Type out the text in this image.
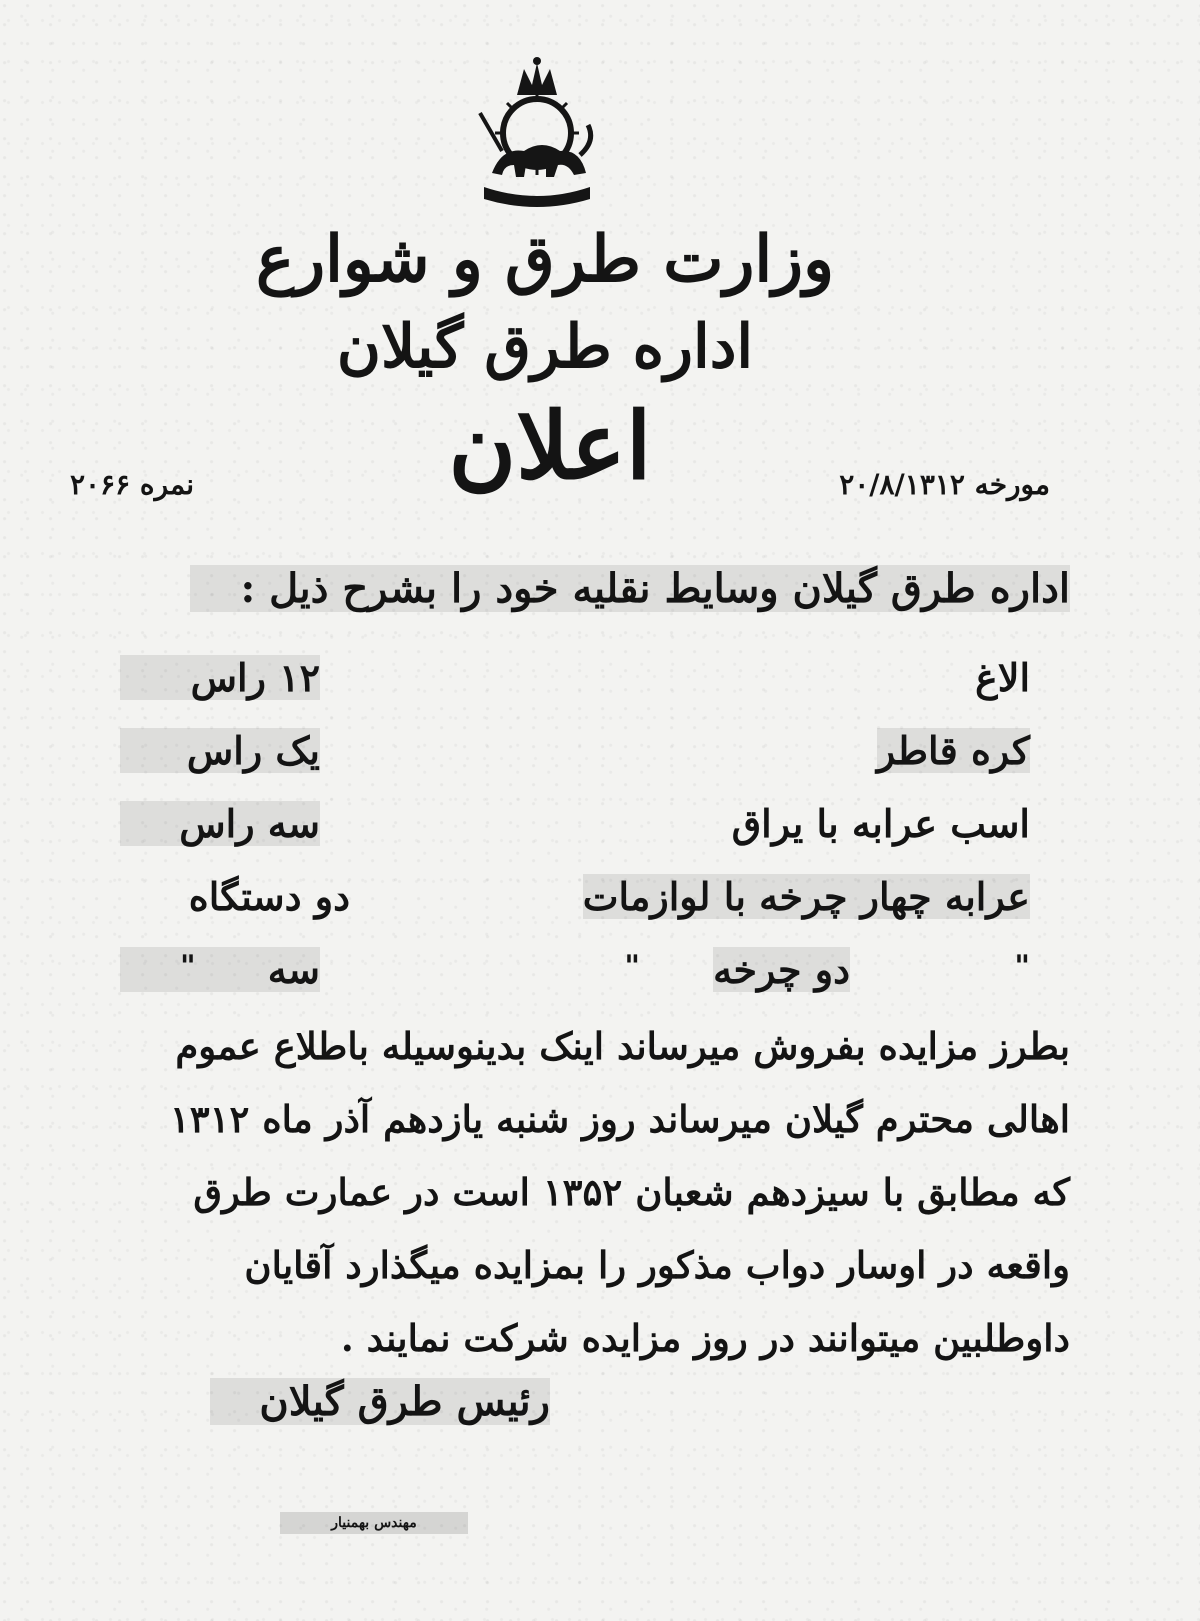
وزارت طرق و شوارع
اداره طرق گیلان
اعلان	مورخه ۲۰/۸/۱۳۱۲
نمره ۲۰۶۶
اداره طرق گیلان وسایط نقلیه خود را بشرح ذیل :
الاغ
۱۲ راس
کره قاطر
یک راس
اسب عرابه با یراق
سه راس
عرابه چهار چرخه با لوازمات
دو دستگاه
دو چرخه
سه	"
"
"
بطرز مزایده بفروش میرساند اینک بدینوسیله باطلاع عموم
اهالی محترم گیلان میرساند روز شنبه یازدهم آذر ماه ۱۳۱۲
که مطابق با سیزدهم شعبان ۱۳۵۲ است در عمارت طرق
واقعه در اوسار دواب مذکور را بمزایده میگذارد آقایان
داوطلبین میتوانند در روز مزایده شرکت نمایند .
رئیس طرق گیلان
مهندس بهمنیار
